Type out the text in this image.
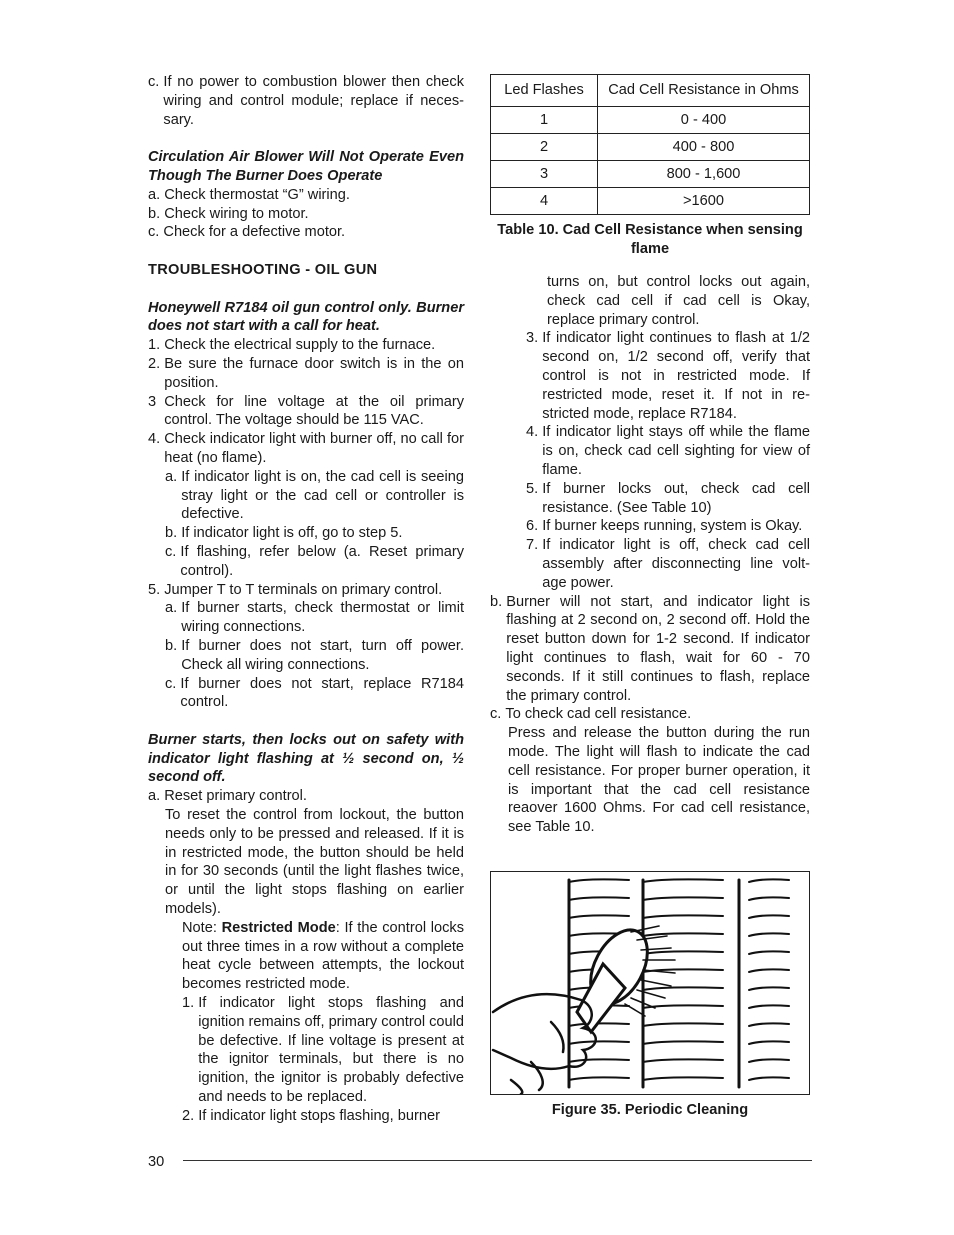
c. If no power to combustion blower then check wiring and control module; replace if neces-sary.

Circulation Air Blower Will Not Operate Even Though The Burner Does Operate

a. Check thermostat “G” wiring.
b. Check wiring to motor.
c. Check for a defective motor.

TROUBLESHOOTING - OIL GUN

Honeywell R7184 oil gun control only. Burner does not start with a call for heat.

1. Check the electrical supply to the furnace.
2. Be sure the furnace door switch is in the on position.
3 Check for line voltage at the oil primary control. The voltage should be 115 VAC.
4. Check indicator light with burner off, no call for heat (no flame).
a. If indicator light is on, the cad cell is seeing stray light or the cad cell or controller is defective.
b. If indicator light is off, go to step 5.
c. If flashing, refer below (a. Reset primary control).
5. Jumper T to T terminals on primary control.
a. If burner starts, check thermostat or limit wiring connections.
b. If burner does not start, turn off power. Check all wiring connections.
c. If burner does not start, replace R7184 control.

Burner starts, then locks out on safety with indicator light flashing at ½ second on, ½ second off.

a. Reset primary control.

To reset the control from lockout, the button needs only to be pressed and released. If it is in restricted mode, the button should be held in for 30 seconds (until the light flashes twice, or until the light stops flashing on earlier models).

Note: Restricted Mode: If the control locks out three times in a row without a complete heat cycle between attempts, the lockout becomes restricted mode.

1. If indicator light stops flashing and ignition remains off, primary control could be defective. If line voltage is present at the ignitor terminals, but there is no ignition, the ignitor is probably defective and needs to be replaced.
2. If indicator light stops flashing, burner
Led Flashes	Cad Cell Resistance in Ohms
1	0 - 400
2	400 - 800
3	800 - 1,600
4	>1600
Table 10. Cad Cell Resistance when sensing flame

turns on, but control locks out again, check cad cell if cad cell is Okay, replace primary control.

3. If indicator light continues to flash at 1/2 second on, 1/2 second off, verify that control is not in restricted mode. If restricted mode, reset it. If not in re-stricted mode, replace R7184.
4. If indicator light stays off while the flame is on, check cad cell sighting for view of flame.
5. If burner locks out, check cad cell resistance. (See Table 10)
6. If burner keeps running, system is Okay.
7. If indicator light is off, check cad cell assembly after disconnecting line volt-age power.
b. Burner will not start, and indicator light is flashing at 2 second on, 2 second off. Hold the reset button down for 1-2 second. If indicator light continues to flash, wait for 60 - 70 seconds. If it still continues to flash, replace the primary control.
c. To check cad cell resistance.

Press and release the button during the run mode. The light will flash to indicate the cad cell resistance. For proper burner operation, it is important that the cad cell resistance reaover 1600 Ohms. For cad cell resistance, see Table 10.

Figure 35. Periodic Cleaning
30
